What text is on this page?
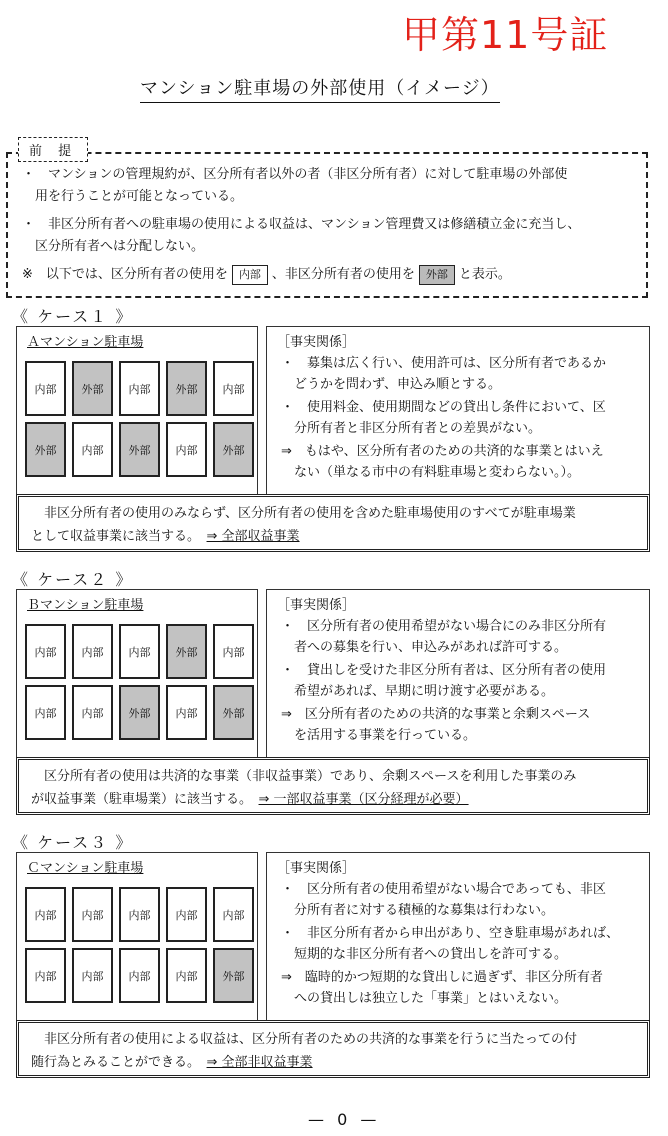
甲第11号証
マンション駐車場の外部使用（イメージ）
前 提
・　マンションの管理規約が、区分所有者以外の者（非区分所有者）に対して駐車場の外部使
　用を行うことが可能となっている。
・　非区分所有者への駐車場の使用による収益は、マンション管理費又は修繕積立金に充当し、
　区分所有者へは分配しない。
※　以下では、区分所有者の使用を 内部 、非区分所有者の使用を 外部 と表示。
《 ケース１ 》
Ａマンション駐車場
内部	外部	内部	外部	内部
外部	内部	外部	内部	外部
［事実関係］
・　募集は広く行い、使用許可は、区分所有者であるか
　どうかを問わず、申込み順とする。
・　使用料金、使用期間などの貸出し条件において、区
　分所有者と非区分所有者との差異がない。
⇒　もはや、区分所有者のための共済的な事業とはいえ
　ない（単なる市中の有料駐車場と変わらない。）。
　非区分所有者の使用のみならず、区分所有者の使用を含めた駐車場使用のすべてが駐車場業
として収益事業に該当する。　 ⇒ 全部収益事業
《 ケース２ 》
Ｂマンション駐車場
内部	内部	内部	外部	内部
内部	内部	外部	内部	外部
［事実関係］
・　区分所有者の使用希望がない場合にのみ非区分所有
　者への募集を行い、申込みがあれば許可する。
・　貸出しを受けた非区分所有者は、区分所有者の使用
　希望があれば、早期に明け渡す必要がある。
⇒　区分所有者のための共済的な事業と余剰スペース
　を活用する事業を行っている。
　区分所有者の使用は共済的な事業（非収益事業）であり、余剰スペースを利用した事業のみ
が収益事業（駐車場業）に該当する。　 ⇒ 一部収益事業（区分経理が必要）
《 ケース３ 》
Ｃマンション駐車場
内部	内部	内部	内部	内部
内部	内部	内部	内部	外部
［事実関係］
・　区分所有者の使用希望がない場合であっても、非区
　分所有者に対する積極的な募集は行わない。
・　非区分所有者から申出があり、空き駐車場があれば、
　短期的な非区分所有者への貸出しを許可する。
⇒　臨時的かつ短期的な貸出しに過ぎず、非区分所有者
　への貸出しは独立した「事業」とはいえない。
　非区分所有者の使用による収益は、区分所有者のための共済的な事業を行うに当たっての付
随行為とみることができる。　 ⇒ 全部非収益事業
— 0 —
